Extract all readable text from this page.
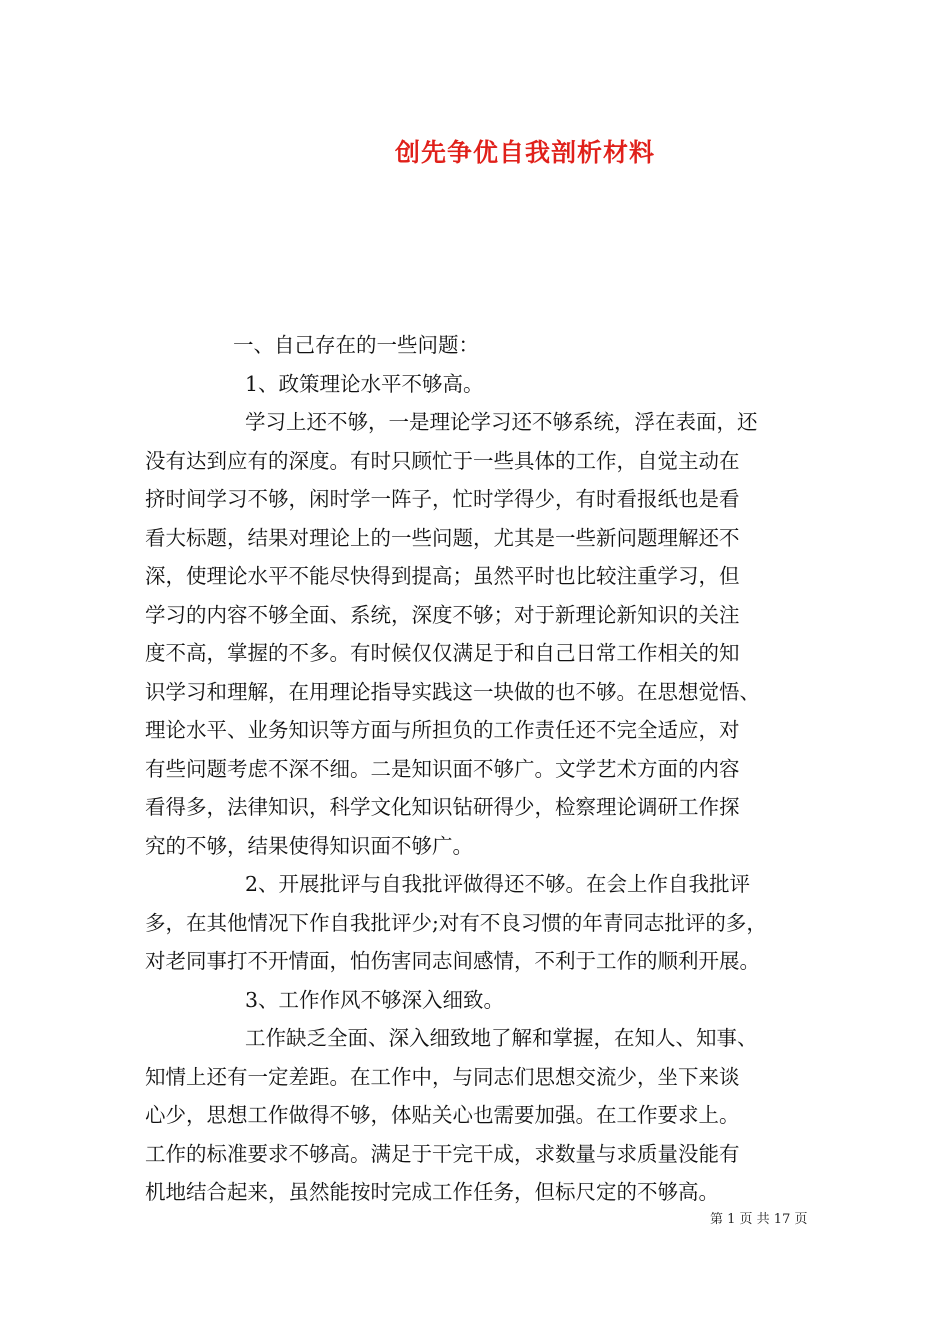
创先争优自我剖析材料
一、自己存在的一些问题：
1、政策理论水平不够高。
学习上还不够，一是理论学习还不够系统，浮在表面，还
没有达到应有的深度。有时只顾忙于一些具体的工作，自觉主动在
挤时间学习不够，闲时学一阵子，忙时学得少，有时看报纸也是看
看大标题，结果对理论上的一些问题，尤其是一些新问题理解还不
深，使理论水平不能尽快得到提高；虽然平时也比较注重学习，但
学习的内容不够全面、系统，深度不够；对于新理论新知识的关注
度不高，掌握的不多。有时候仅仅满足于和自己日常工作相关的知
识学习和理解，在用理论指导实践这一块做的也不够。在思想觉悟、
理论水平、业务知识等方面与所担负的工作责任还不完全适应，对
有些问题考虑不深不细。二是知识面不够广。文学艺术方面的内容
看得多，法律知识，科学文化知识钻研得少，检察理论调研工作探
究的不够，结果使得知识面不够广。
2、开展批评与自我批评做得还不够。在会上作自我批评
多，在其他情况下作自我批评少;对有不良习惯的年青同志批评的多，
对老同事打不开情面，怕伤害同志间感情，不利于工作的顺利开展。
3、工作作风不够深入细致。
工作缺乏全面、深入细致地了解和掌握，在知人、知事、
知情上还有一定差距。在工作中，与同志们思想交流少，坐下来谈
心少，思想工作做得不够，体贴关心也需要加强。在工作要求上。
工作的标准要求不够高。满足于干完干成，求数量与求质量没能有
机地结合起来，虽然能按时完成工作任务，但标尺定的不够高。
第 1 页 共 17 页
